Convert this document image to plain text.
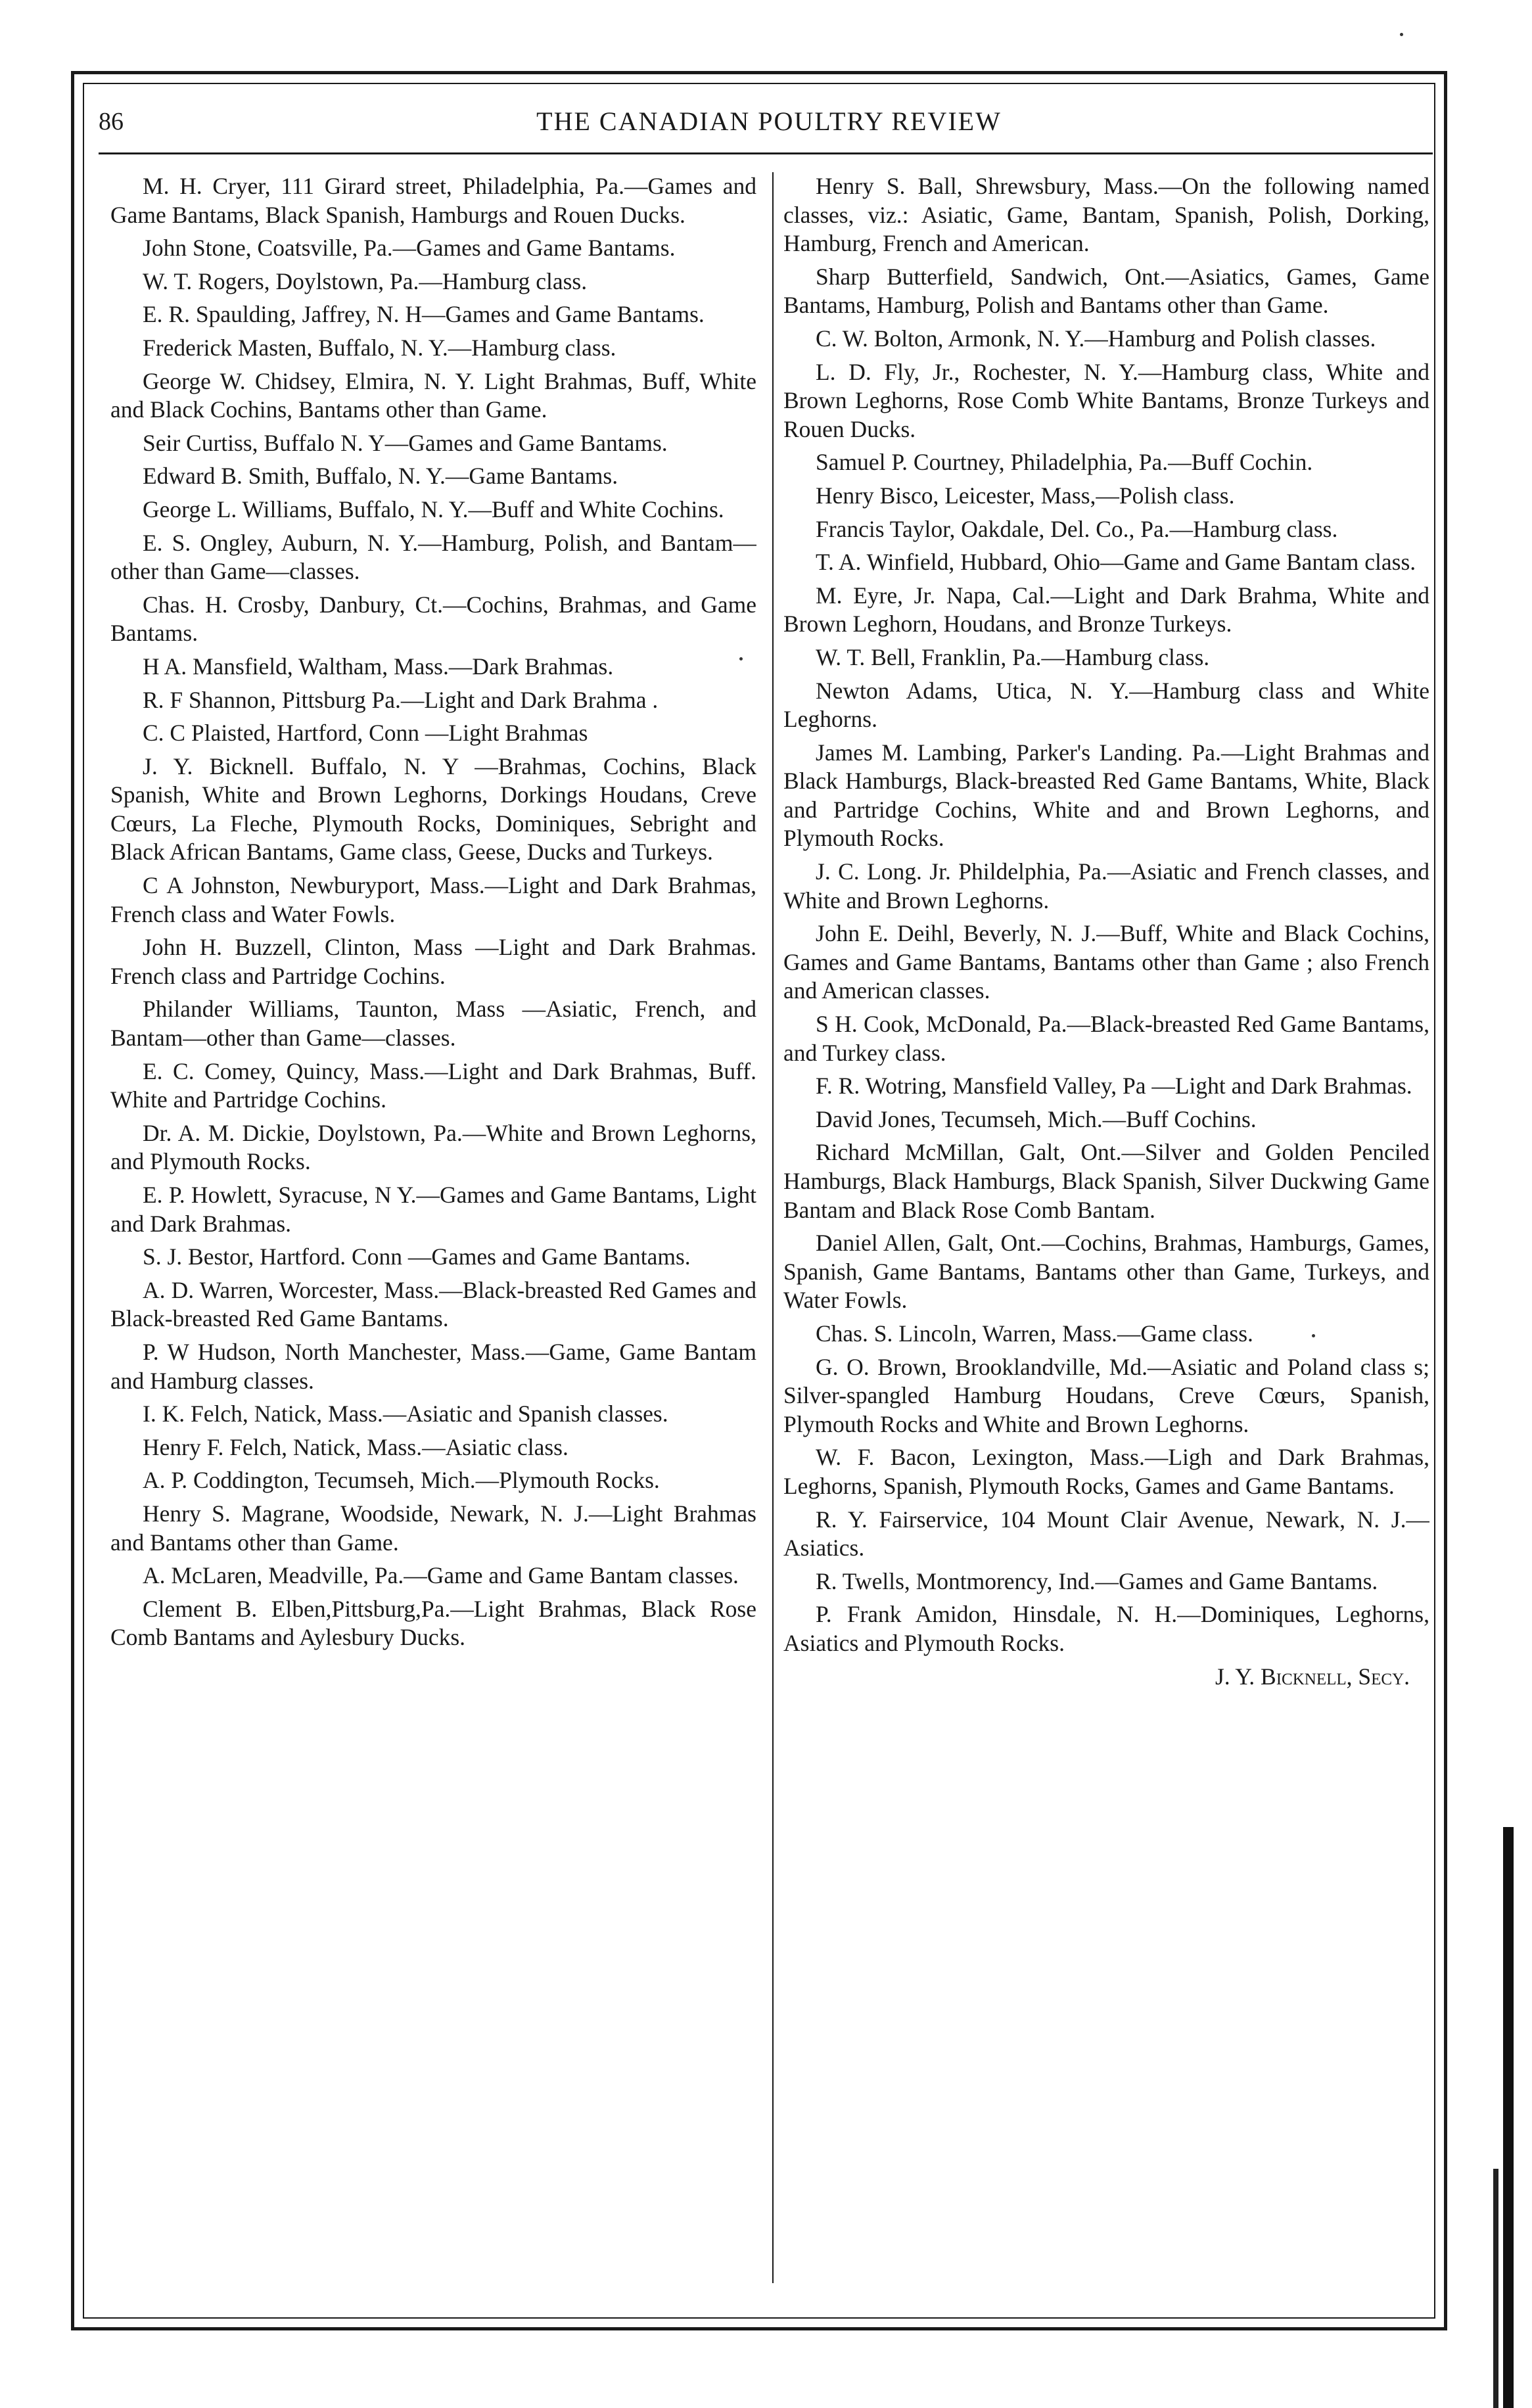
86	THE CANADIAN POULTRY REVIEW

M. H. Cryer, 111 Girard street, Philadelphia, Pa.—Games and Game Bantams, Black Spanish, Hamburgs and Rouen Ducks.

John Stone, Coatsville, Pa.—Games and Game Bantams.

W. T. Rogers, Doylstown, Pa.—Hamburg class.

E. R. Spaulding, Jaffrey, N. H—Games and Game Bantams.

Frederick Masten, Buffalo, N. Y.—Hamburg class.

George W. Chidsey, Elmira, N. Y. Light Brahmas, Buff, White and Black Cochins, Bantams other than Game.

Seir Curtiss, Buffalo N. Y—Games and Game Bantams.

Edward B. Smith, Buffalo, N. Y.—Game Bantams.

George L. Williams, Buffalo, N. Y.—Buff and White Cochins.

E. S. Ongley, Auburn, N. Y.—Hamburg, Polish, and Bantam—other than Game—classes.

Chas. H. Crosby, Danbury, Ct.—Cochins, Brahmas, and Game Bantams.

H A. Mansfield, Waltham, Mass.—Dark Brahmas.

R. F Shannon, Pittsburg Pa.—Light and Dark Brahma .

C. C Plaisted, Hartford, Conn —Light Brahmas

J. Y. Bicknell. Buffalo, N. Y —Brahmas, Cochins, Black Spanish, White and Brown Leghorns, Dorkings Houdans, Creve Cœurs, La Fleche, Plymouth Rocks, Dominiques, Sebright and Black African Bantams, Game class, Geese, Ducks and Turkeys.

C A Johnston, Newburyport, Mass.—Light and Dark Brahmas, French class and Water Fowls.

John H. Buzzell, Clinton, Mass —Light and Dark Brahmas. French class and Partridge Cochins.

Philander Williams, Taunton, Mass —Asiatic, French, and Bantam—other than Game—classes.

E. C. Comey, Quincy, Mass.—Light and Dark Brahmas, Buff. White and Partridge Cochins.

Dr. A. M. Dickie, Doylstown, Pa.—White and Brown Leghorns, and Plymouth Rocks.

E. P. Howlett, Syracuse, N Y.—Games and Game Bantams, Light and Dark Brahmas.

S. J. Bestor, Hartford. Conn —Games and Game Bantams.

A. D. Warren, Worcester, Mass.—Black-breasted Red Games and Black-breasted Red Game Bantams.

P. W Hudson, North Manchester, Mass.—Game, Game Bantam and Hamburg classes.

I. K. Felch, Natick, Mass.—Asiatic and Spanish classes.

Henry F. Felch, Natick, Mass.—Asiatic class.

A. P. Coddington, Tecumseh, Mich.—Plymouth Rocks.

Henry S. Magrane, Woodside, Newark, N. J.—Light Brahmas and Bantams other than Game.

A. McLaren, Meadville, Pa.—Game and Game Bantam classes.

Clement B. Elben,Pittsburg,Pa.—Light Brahmas, Black Rose Comb Bantams and Aylesbury Ducks.

Henry S. Ball, Shrewsbury, Mass.—On the following named classes, viz.: Asiatic, Game, Bantam, Spanish, Polish, Dorking, Hamburg, French and American.

Sharp Butterfield, Sandwich, Ont.—Asiatics, Games, Game Bantams, Hamburg, Polish and Bantams other than Game.

C. W. Bolton, Armonk, N. Y.—Hamburg and Polish classes.

L. D. Fly, Jr., Rochester, N. Y.—Hamburg class, White and Brown Leghorns, Rose Comb White Bantams, Bronze Turkeys and Rouen Ducks.

Samuel P. Courtney, Philadelphia, Pa.—Buff Cochin.

Henry Bisco, Leicester, Mass,—Polish class.

Francis Taylor, Oakdale, Del. Co., Pa.—Hamburg class.

T. A. Winfield, Hubbard, Ohio—Game and Game Bantam class.

M. Eyre, Jr. Napa, Cal.—Light and Dark Brahma, White and Brown Leghorn, Houdans, and Bronze Turkeys.

W. T. Bell, Franklin, Pa.—Hamburg class.

Newton Adams, Utica, N. Y.—Hamburg class and White Leghorns.

James M. Lambing, Parker's Landing. Pa.—Light Brahmas and Black Hamburgs, Black-breasted Red Game Bantams, White, Black and Partridge Cochins, White and and Brown Leghorns, and Plymouth Rocks.

J. C. Long. Jr. Phildelphia, Pa.—Asiatic and French classes, and White and Brown Leghorns.

John E. Deihl, Beverly, N. J.—Buff, White and Black Cochins, Games and Game Bantams, Bantams other than Game ; also French and American classes.

S H. Cook, McDonald, Pa.—Black-breasted Red Game Bantams, and Turkey class.

F. R. Wotring, Mansfield Valley, Pa —Light and Dark Brahmas.

David Jones, Tecumseh, Mich.—Buff Cochins.

Richard McMillan, Galt, Ont.—Silver and Golden Penciled Hamburgs, Black Hamburgs, Black Spanish, Silver Duckwing Game Bantam and Black Rose Comb Bantam.

Daniel Allen, Galt, Ont.—Cochins, Brahmas, Hamburgs, Games, Spanish, Game Bantams, Bantams other than Game, Turkeys, and Water Fowls.

Chas. S. Lincoln, Warren, Mass.—Game class.

G. O. Brown, Brooklandville, Md.—Asiatic and Poland class s; Silver-spangled Hamburg Houdans, Creve Cœurs, Spanish, Plymouth Rocks and White and Brown Leghorns.

W. F. Bacon, Lexington, Mass.—Ligh and Dark Brahmas, Leghorns, Spanish, Plymouth Rocks, Games and Game Bantams.

R. Y. Fairservice, 104 Mount Clair Avenue, Newark, N. J.—Asiatics.

R. Twells, Montmorency, Ind.—Games and Game Bantams.

P. Frank Amidon, Hinsdale, N. H.—Dominiques, Leghorns, Asiatics and Plymouth Rocks.

J. Y. Bicknell, Secy.
